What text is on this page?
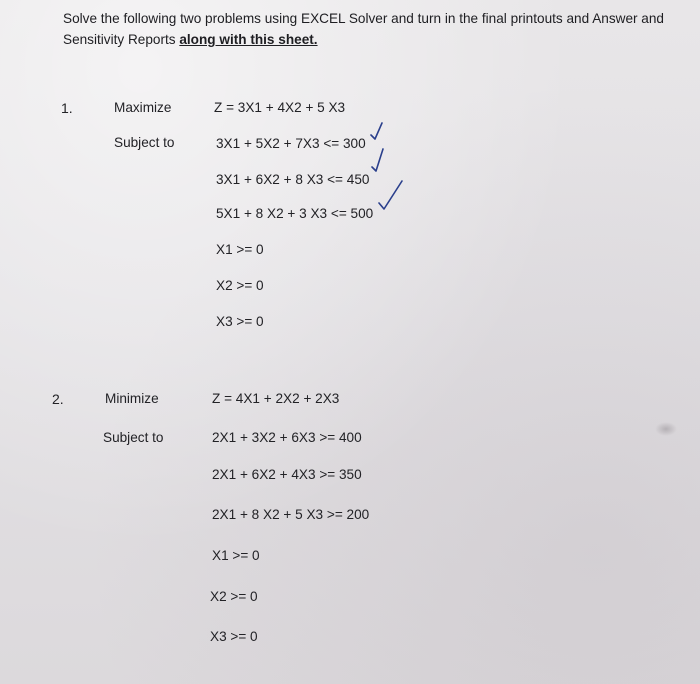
Solve the following two problems using EXCEL Solver and turn in the final printouts and Answer and
Sensitivity Reports along with this sheet.
1.	Maximize	Z = 3X1 + 4X2 + 5 X3
Subject to	3X1 + 5X2 + 7X3 <= 300
3X1 + 6X2 + 8 X3 <= 450
5X1 + 8 X2 + 3 X3 <= 500
X1 >= 0
X2 >= 0
X3 >= 0
2.	Minimize	Z = 4X1 + 2X2 + 2X3
Subject to	2X1 + 3X2 + 6X3 >= 400
2X1 + 6X2 + 4X3 >= 350
2X1 + 8 X2 + 5 X3 >= 200
X1 >= 0
X2 >= 0
X3 >= 0
